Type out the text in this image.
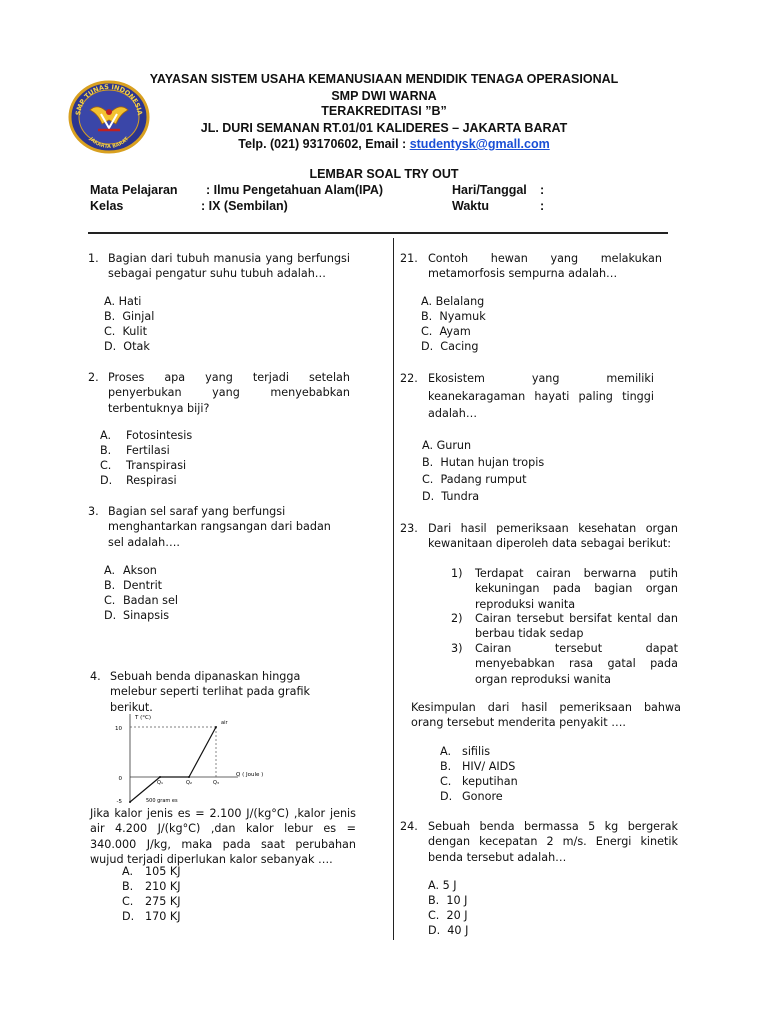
SMP TUNAS INDONESIA
JAKARTA BARAT
YAYASAN SISTEM USAHA KEMANUSIAAN MENDIDIK TENAGA OPERASIONAL
SMP DWI WARNA
TERAKREDITASI ”B”
JL. DURI SEMANAN RT.01/01 KALIDERES – JAKARTA BARAT
Telp. (021) 93170602, Email : studentysk@gmall.com
LEMBAR SOAL TRY OUT
Mata Pelajaran : Ilmu Pengetahuan Alam(IPA)	Hari/Tanggal :
Kelas	: IX (Sembilan)	Waktu	:
1. Bagian dari tubuh manusia yang berfungsi sebagai pengatur suhu tubuh adalah…
A. Hati
B. Ginjal
C. Kulit
D. Otak
2. Proses apa yang terjadi setelah penyerbukan yang menyebabkan terbentuknya biji?
A. Fotosintesis
B. Fertilasi
C. Transpirasi
D. Respirasi
3. Bagian sel saraf yang berfungsi menghantarkan rangsangan dari badan sel adalah….
A. Akson
B. Dentrit
C. Badan sel
D. Sinapsis
4. Sebuah benda dipanaskan hingga melebur seperti terlihat pada grafik berikut.
T (°C)
Q ( Joule )
10
0
-5
Q₁	Q₂	Q₃
air
500 gram es
Jika kalor jenis es = 2.100 J/(kg°C) ,kalor jenis air 4.200 J/(kg°C) ,dan kalor lebur es = 340.000 J/kg, maka pada saat perubahan wujud terjadi diperlukan kalor sebanyak ….
A. 105 KJ
B. 210 KJ
C. 275 KJ
D. 170 KJ
21. Contoh hewan yang melakukan metamorfosis sempurna adalah…
A. Belalang
B. Nyamuk
C. Ayam
D. Cacing
22. Ekosistem yang memiliki keanekaragaman hayati paling tinggi adalah…
A. Gurun
B. Hutan hujan tropis
C. Padang rumput
D. Tundra
23. Dari hasil pemeriksaan kesehatan organ kewanitaan diperoleh data sebagai berikut:
1) Terdapat cairan berwarna putih kekuningan pada bagian organ reproduksi wanita
2) Cairan tersebut bersifat kental dan berbau tidak sedap
3) Cairan tersebut dapat menyebabkan rasa gatal pada organ reproduksi wanita
Kesimpulan dari hasil pemeriksaan bahwa orang tersebut menderita penyakit ….
A. sifilis
B. HIV/ AIDS
C. keputihan
D. Gonore
24. Sebuah benda bermassa 5 kg bergerak dengan kecepatan 2 m/s. Energi kinetik benda tersebut adalah…
A. 5 J
B. 10 J
C. 20 J
D. 40 J
